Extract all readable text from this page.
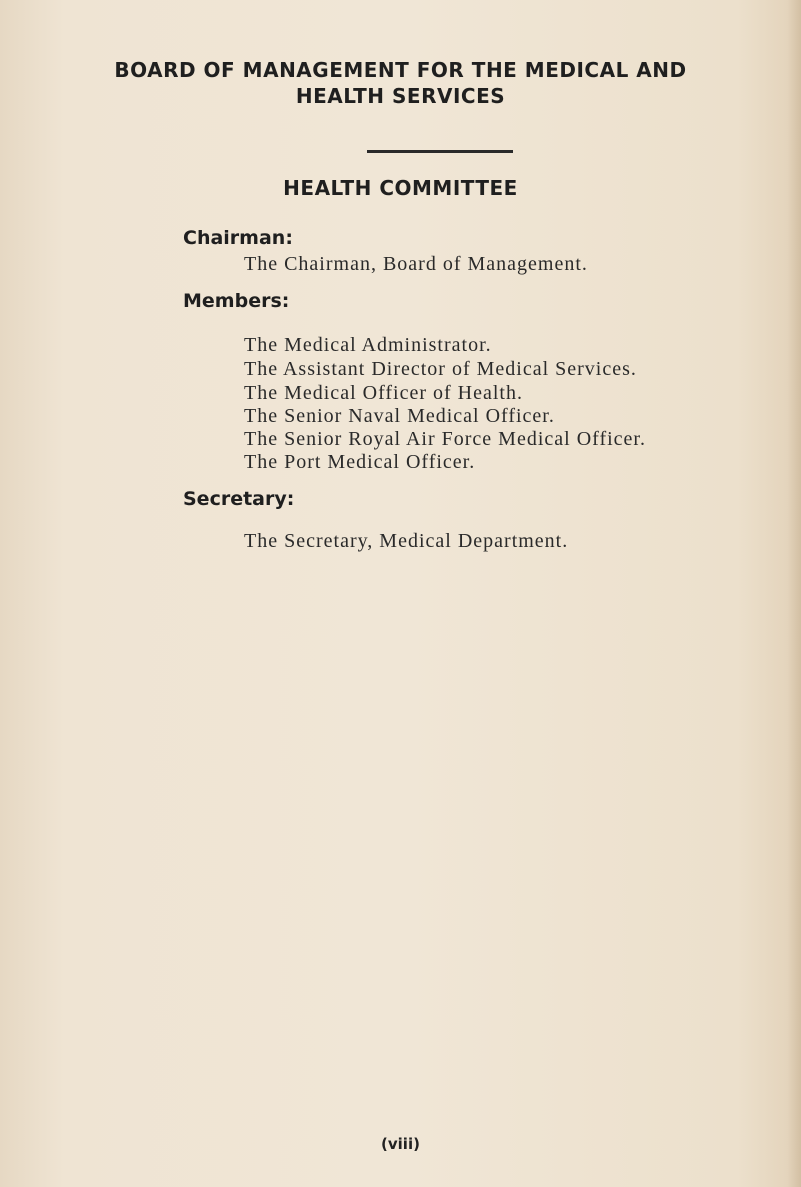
BOARD OF MANAGEMENT FOR THE MEDICAL AND
HEALTH SERVICES
HEALTH COMMITTEE
Chairman:
The Chairman, Board of Management.
Members:
The Medical Administrator.
The Assistant Director of Medical Services.
The Medical Officer of Health.
The Senior Naval Medical Officer.
The Senior Royal Air Force Medical Officer.
The Port Medical Officer.
Secretary:
The Secretary, Medical Department.
(viii)
